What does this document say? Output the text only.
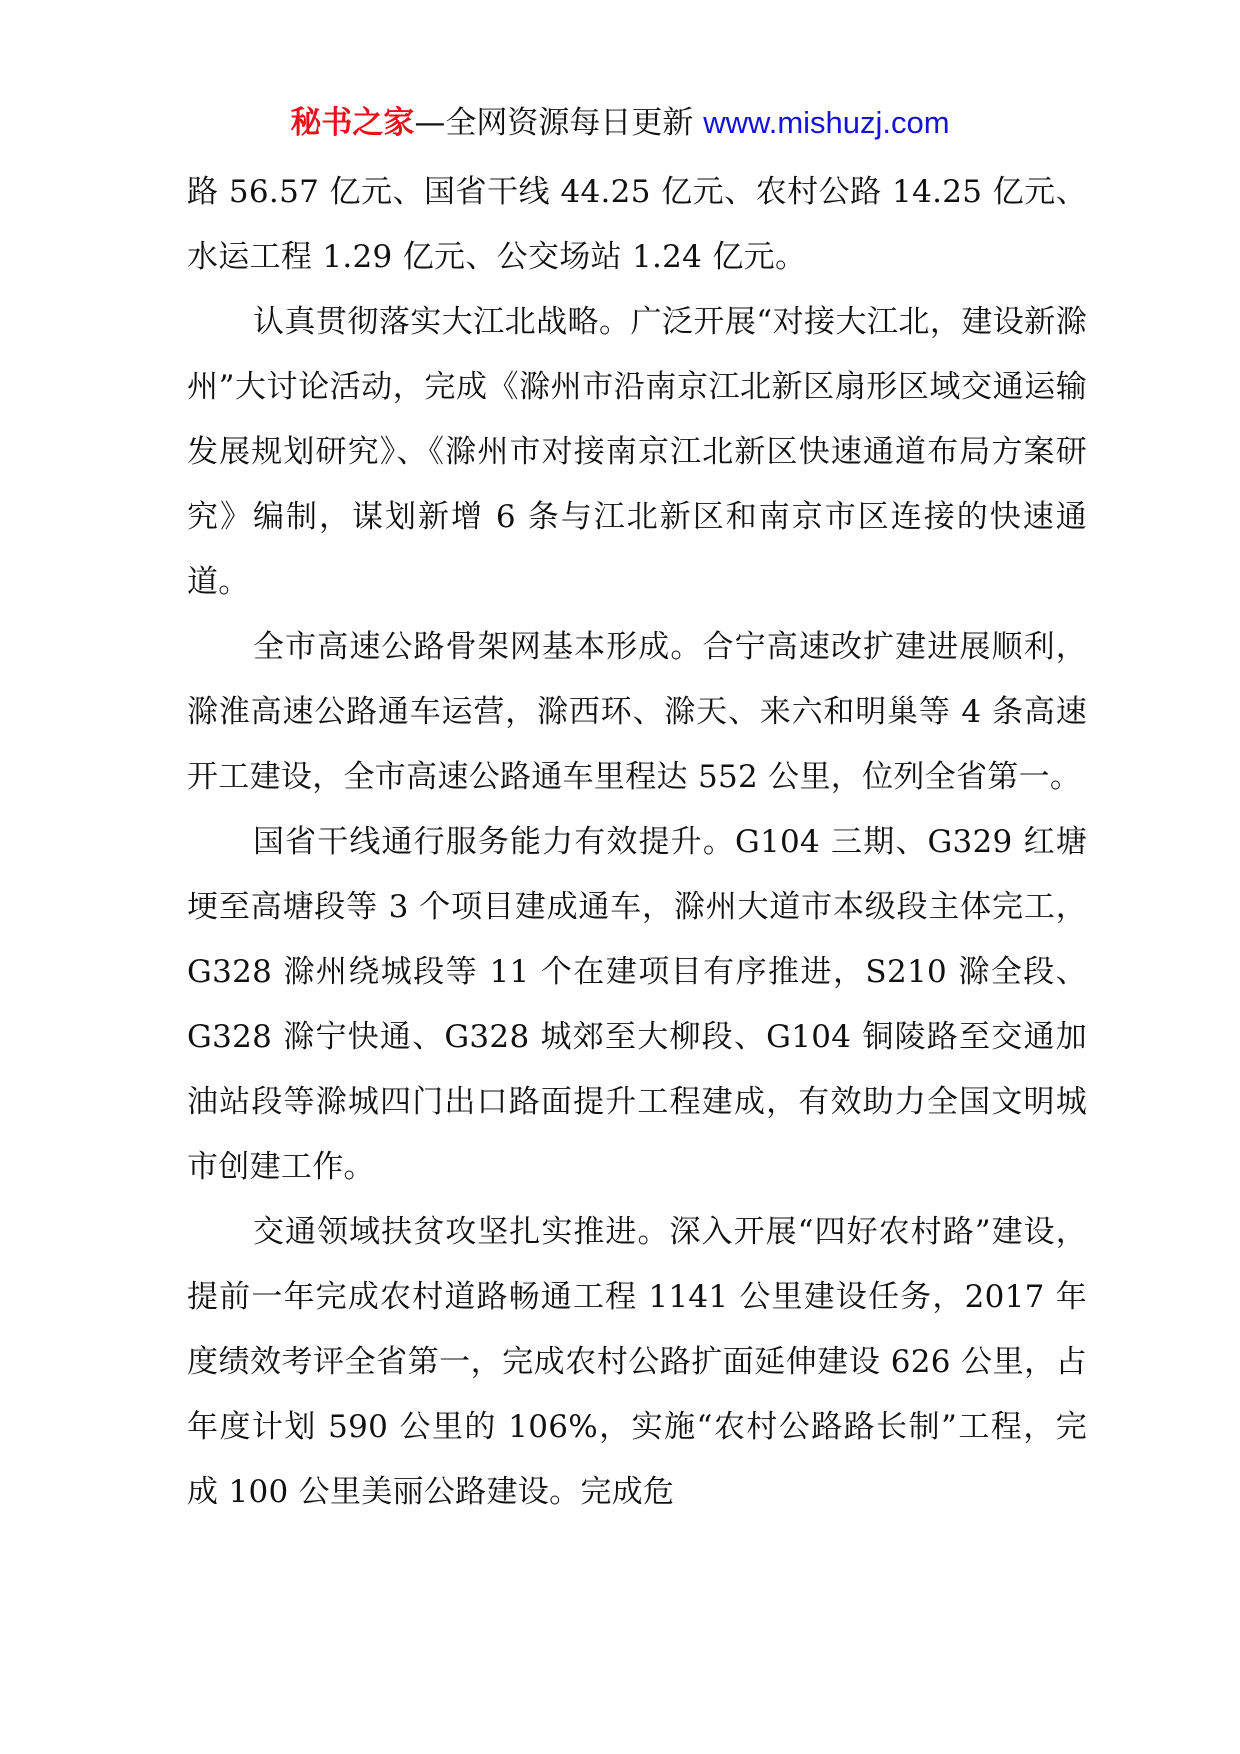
秘书之家—全网资源每日更新 www.mishuzj.com

路 56.57 亿元、国省干线 44.25 亿元、农村公路 14.25 亿元、水运工程 1.29 亿元、公交场站 1.24 亿元。

认真贯彻落实大江北战略。广泛开展“对接大江北，建设新滁州”大讨论活动，完成《滁州市沿南京江北新区扇形区域交通运输发展规划研究》、《滁州市对接南京江北新区快速通道布局方案研究》编制，谋划新增 6 条与江北新区和南京市区连接的快速通道。

全市高速公路骨架网基本形成。合宁高速改扩建进展顺利，滁淮高速公路通车运营，滁西环、滁天、来六和明巢等 4 条高速开工建设，全市高速公路通车里程达 552 公里，位列全省第一。

国省干线通行服务能力有效提升。G104 三期、G329 红塘埂至高塘段等 3 个项目建成通车，滁州大道市本级段主体完工，G328 滁州绕城段等 11 个在建项目有序推进，S210 滁全段、G328 滁宁快通、G328 城郊至大柳段、G104 铜陵路至交通加油站段等滁城四门出口路面提升工程建成，有效助力全国文明城市创建工作。

交通领域扶贫攻坚扎实推进。深入开展“四好农村路”建设，提前一年完成农村道路畅通工程 1141 公里建设任务，2017 年度绩效考评全省第一，完成农村公路扩面延伸建设 626 公里，占年度计划 590 公里的 106%，实施“农村公路路长制”工程，完成 100 公里美丽公路建设。完成危
